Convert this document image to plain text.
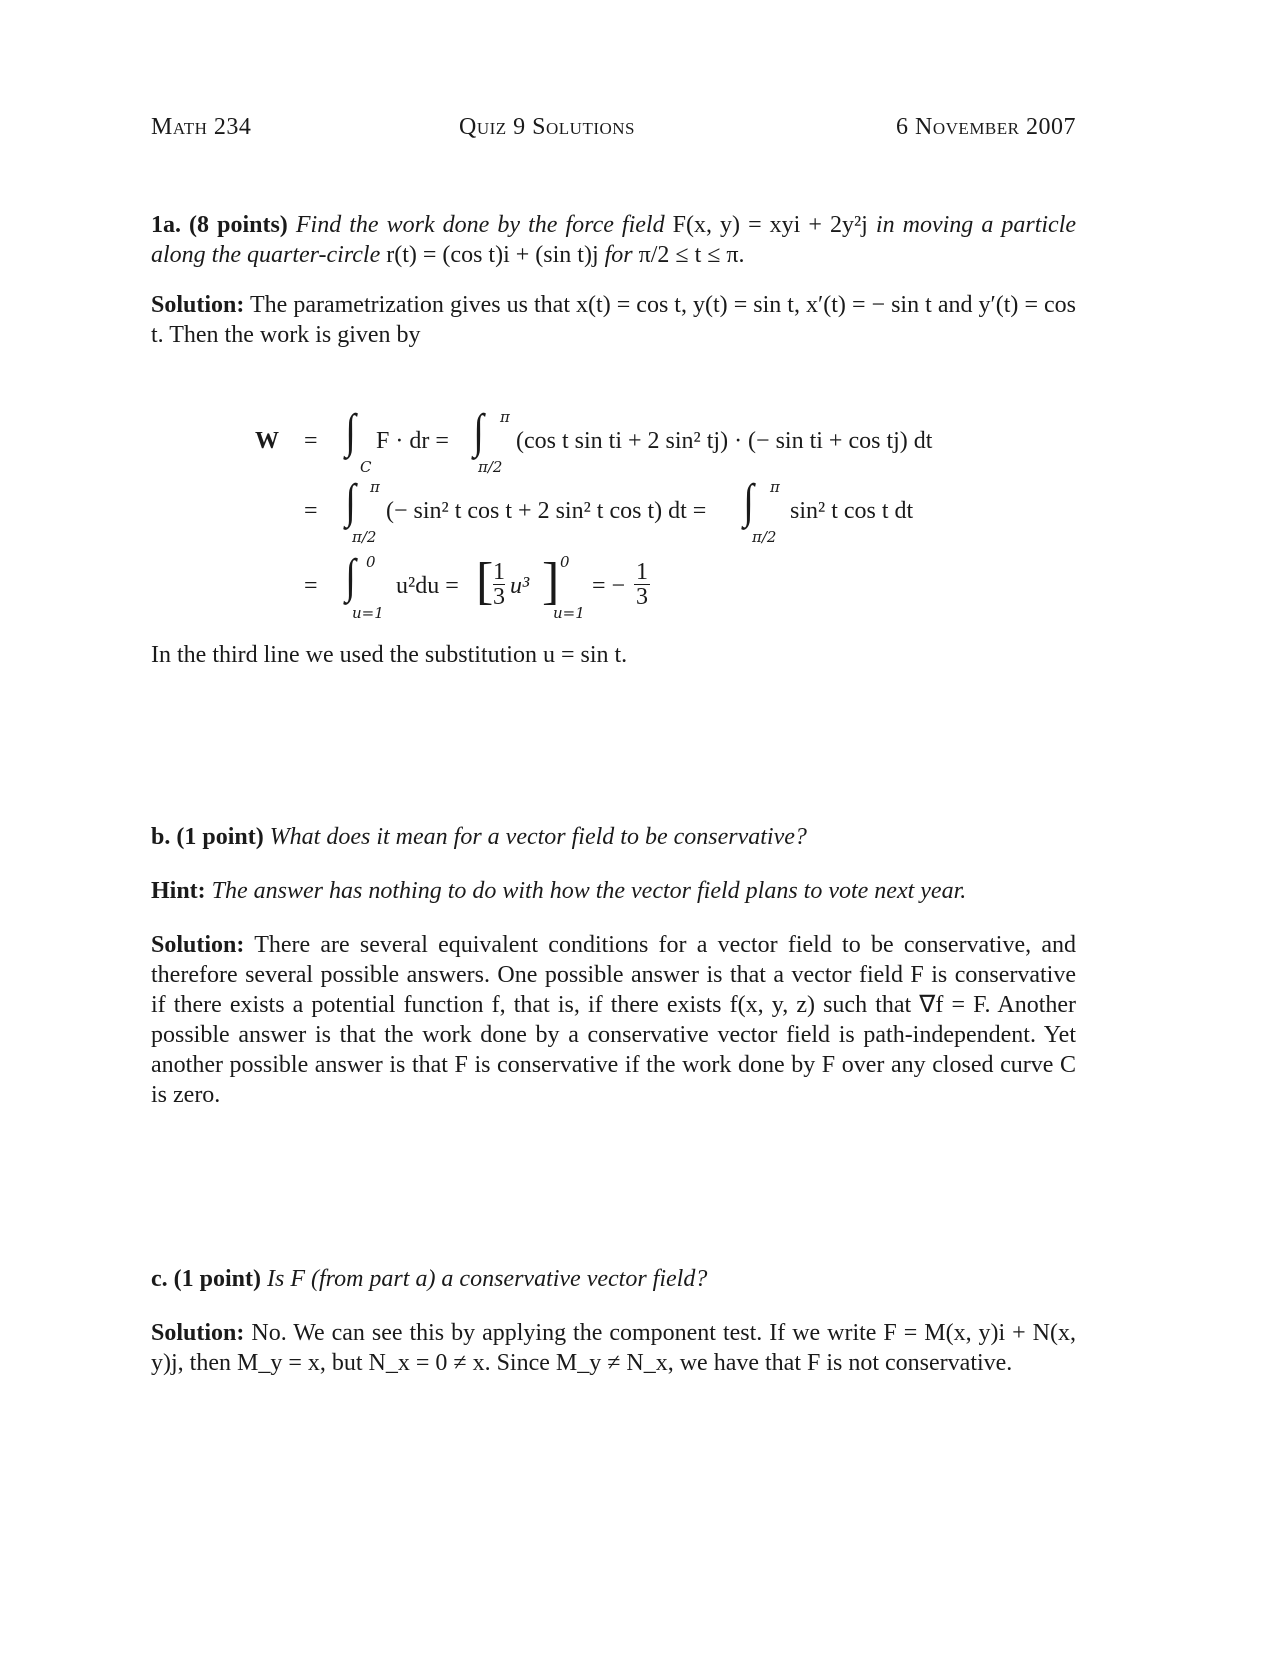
Math 234	Quiz 9 Solutions	6 November 2007
1a. (8 points) Find the work done by the force field F(x, y) = xyi + 2y²j in moving a particle along the quarter-circle r(t) = (cos t)i + (sin t)j for π/2 ≤ t ≤ π.
Solution: The parametrization gives us that x(t) = cos t, y(t) = sin t, x′(t) = − sin t and y′(t) = cos t. Then the work is given by
W = ∫
C
F · dr = ∫ π
π/2
(cos t sin ti + 2 sin² tj) · (− sin ti + cos tj) dt
= ∫ π
π/2
(− sin² t cos t + 2 sin² t cos t) dt = ∫ π
π/2
sin² t cos t dt
= ∫ 0
u=1
u²du = [ $\frac{1}{3} u^3$ ] 0
u=1
= − $\frac{1}{3}$
In the third line we used the substitution u = sin t.
b. (1 point) What does it mean for a vector field to be conservative?
Hint: The answer has nothing to do with how the vector field plans to vote next year.
Solution: There are several equivalent conditions for a vector field to be conservative, and therefore several possible answers. One possible answer is that a vector field F is conservative if there exists a potential function f, that is, if there exists f(x, y, z) such that ∇f = F. Another possible answer is that the work done by a conservative vector field is path-independent. Yet another possible answer is that F is conservative if the work done by F over any closed curve C is zero.
c. (1 point) Is F (from part a) a conservative vector field?
Solution: No. We can see this by applying the component test. If we write F = M(x, y)i + N(x, y)j, then M_y = x, but N_x = 0 ≠ x. Since M_y ≠ N_x, we have that F is not conservative.
